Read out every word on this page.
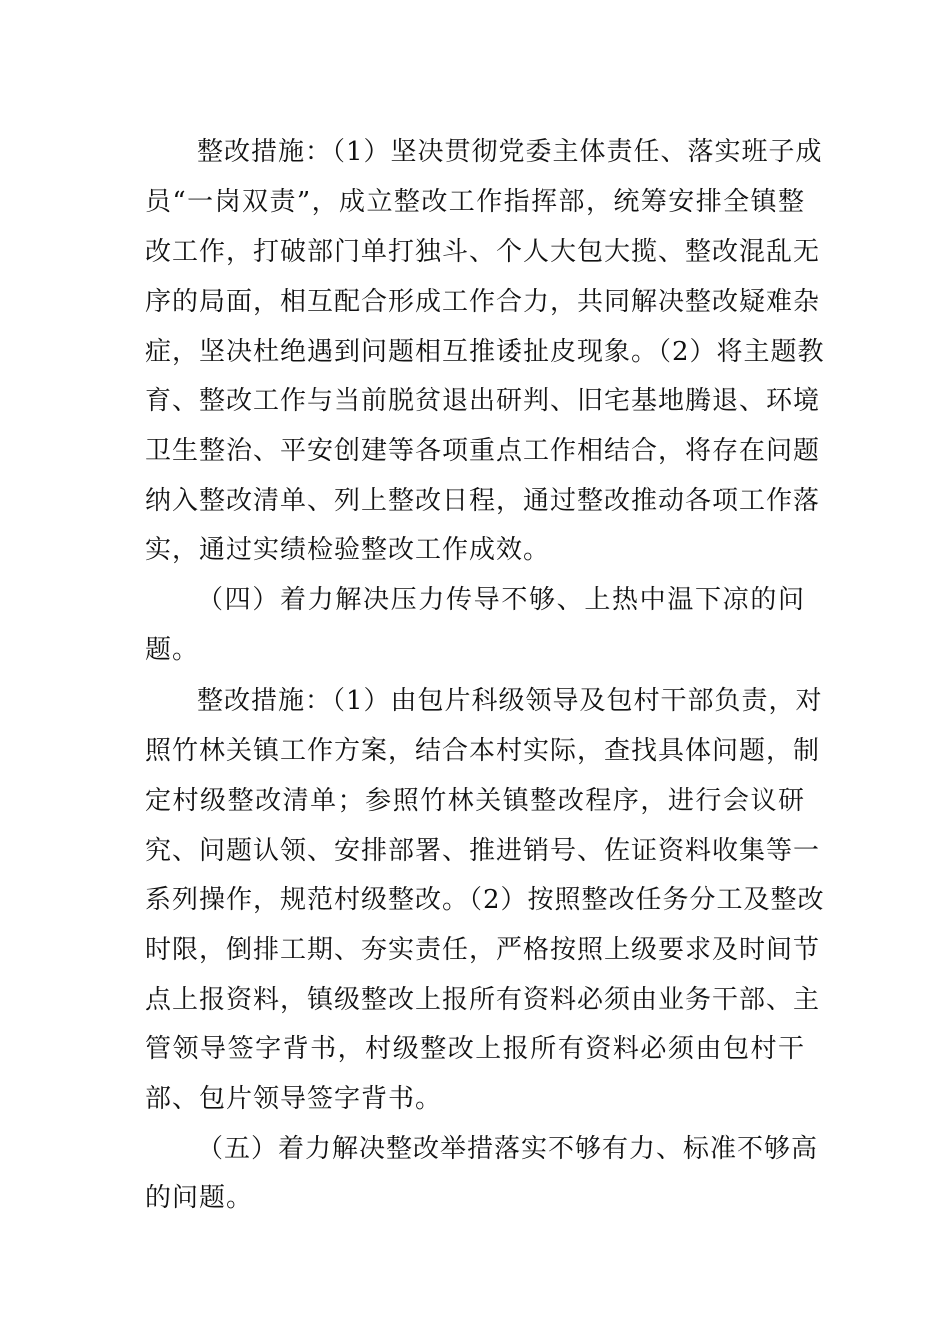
整改措施：（1）坚决贯彻党委主体责任、落实班子成
员“一岗双责”，成立整改工作指挥部，统筹安排全镇整
改工作，打破部门单打独斗、个人大包大揽、整改混乱无
序的局面，相互配合形成工作合力，共同解决整改疑难杂
症，坚决杜绝遇到问题相互推诿扯皮现象。（2）将主题教
育、整改工作与当前脱贫退出研判、旧宅基地腾退、环境
卫生整治、平安创建等各项重点工作相结合，将存在问题
纳入整改清单、列上整改日程，通过整改推动各项工作落
实，通过实绩检验整改工作成效。
（四）着力解决压力传导不够、上热中温下凉的问
题。
整改措施：（1）由包片科级领导及包村干部负责，对
照竹林关镇工作方案，结合本村实际，查找具体问题，制
定村级整改清单；参照竹林关镇整改程序，进行会议研
究、问题认领、安排部署、推进销号、佐证资料收集等一
系列操作，规范村级整改。（2）按照整改任务分工及整改
时限，倒排工期、夯实责任，严格按照上级要求及时间节
点上报资料，镇级整改上报所有资料必须由业务干部、主
管领导签字背书，村级整改上报所有资料必须由包村干
部、包片领导签字背书。
（五）着力解决整改举措落实不够有力、标准不够高
的问题。
